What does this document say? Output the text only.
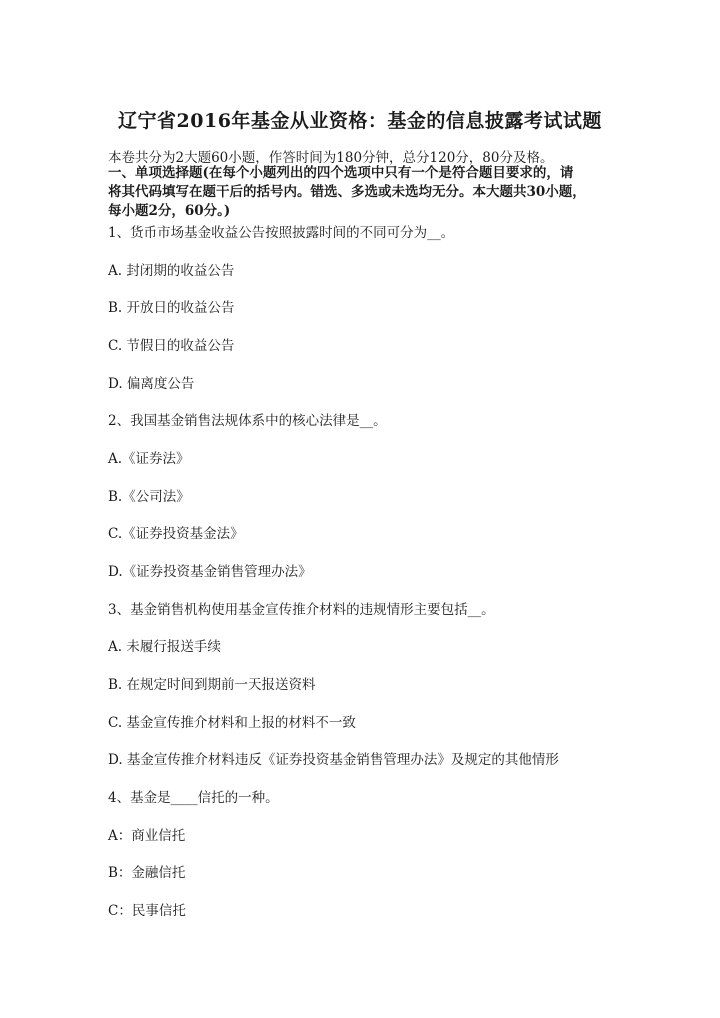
辽宁省2016年基金从业资格：基金的信息披露考试试题
本卷共分为2大题60小题，作答时间为180分钟，总分120分，80分及格。
一、单项选择题(在每个小题列出的四个选项中只有一个是符合题目要求的，请
将其代码填写在题干后的括号内。错选、多选或未选均无分。本大题共30小题，
每小题2分，60分。)
1、货币市场基金收益公告按照披露时间的不同可分为__。
A. 封闭期的收益公告
B. 开放日的收益公告
C. 节假日的收益公告
D. 偏离度公告
2、我国基金销售法规体系中的核心法律是__。
A.《证券法》
B.《公司法》
C.《证券投资基金法》
D.《证券投资基金销售管理办法》
3、基金销售机构使用基金宣传推介材料的违规情形主要包括__。
A. 未履行报送手续
B. 在规定时间到期前一天报送资料
C. 基金宣传推介材料和上报的材料不一致
D. 基金宣传推介材料违反《证券投资基金销售管理办法》及规定的其他情形
4、基金是____信托的一种。
A：商业信托
B：金融信托
C：民事信托
